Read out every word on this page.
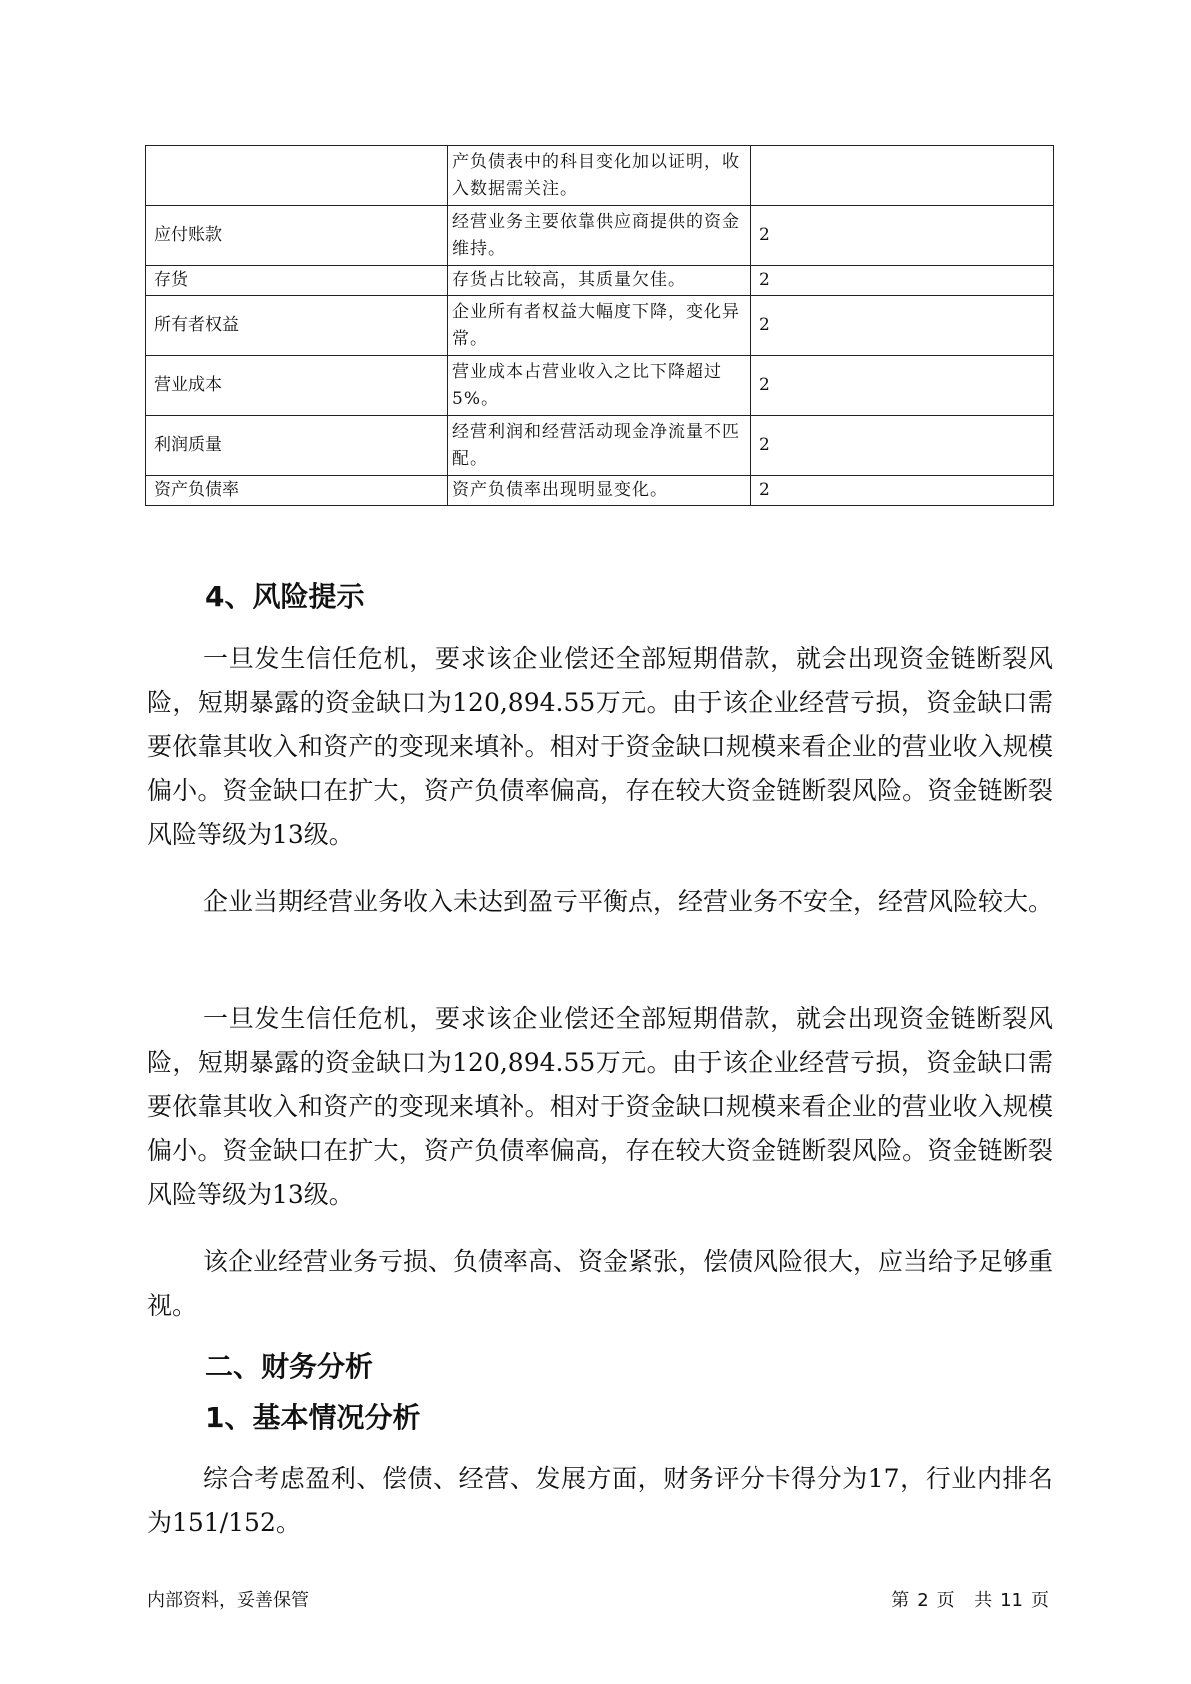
	产负债表中的科目变化加以证明，收入数据需关注。	
应付账款	经营业务主要依靠供应商提供的资金维持。	2
存货	存货占比较高，其质量欠佳。	2
所有者权益	企业所有者权益大幅度下降，变化异常。	2
营业成本	营业成本占营业收入之比下降超过5%。	2
利润质量	经营利润和经营活动现金净流量不匹配。	2
资产负债率	资产负债率出现明显变化。	2
4、风险提示

一旦发生信任危机，要求该企业偿还全部短期借款，就会出现资金链断裂风险，短期暴露的资金缺口为120,894.55万元。由于该企业经营亏损，资金缺口需要依靠其收入和资产的变现来填补。相对于资金缺口规模来看企业的营业收入规模偏小。资金缺口在扩大，资产负债率偏高，存在较大资金链断裂风险。资金链断裂风险等级为13级。

企业当期经营业务收入未达到盈亏平衡点，经营业务不安全，经营风险较大。

一旦发生信任危机，要求该企业偿还全部短期借款，就会出现资金链断裂风险，短期暴露的资金缺口为120,894.55万元。由于该企业经营亏损，资金缺口需要依靠其收入和资产的变现来填补。相对于资金缺口规模来看企业的营业收入规模偏小。资金缺口在扩大，资产负债率偏高，存在较大资金链断裂风险。资金链断裂风险等级为13级。

该企业经营业务亏损、负债率高、资金紧张，偿债风险很大，应当给予足够重视。

二、财务分析
1、基本情况分析

综合考虑盈利、偿债、经营、发展方面，财务评分卡得分为17，行业内排名为151/152。

内部资料，妥善保管	第 2 页 共 11 页
